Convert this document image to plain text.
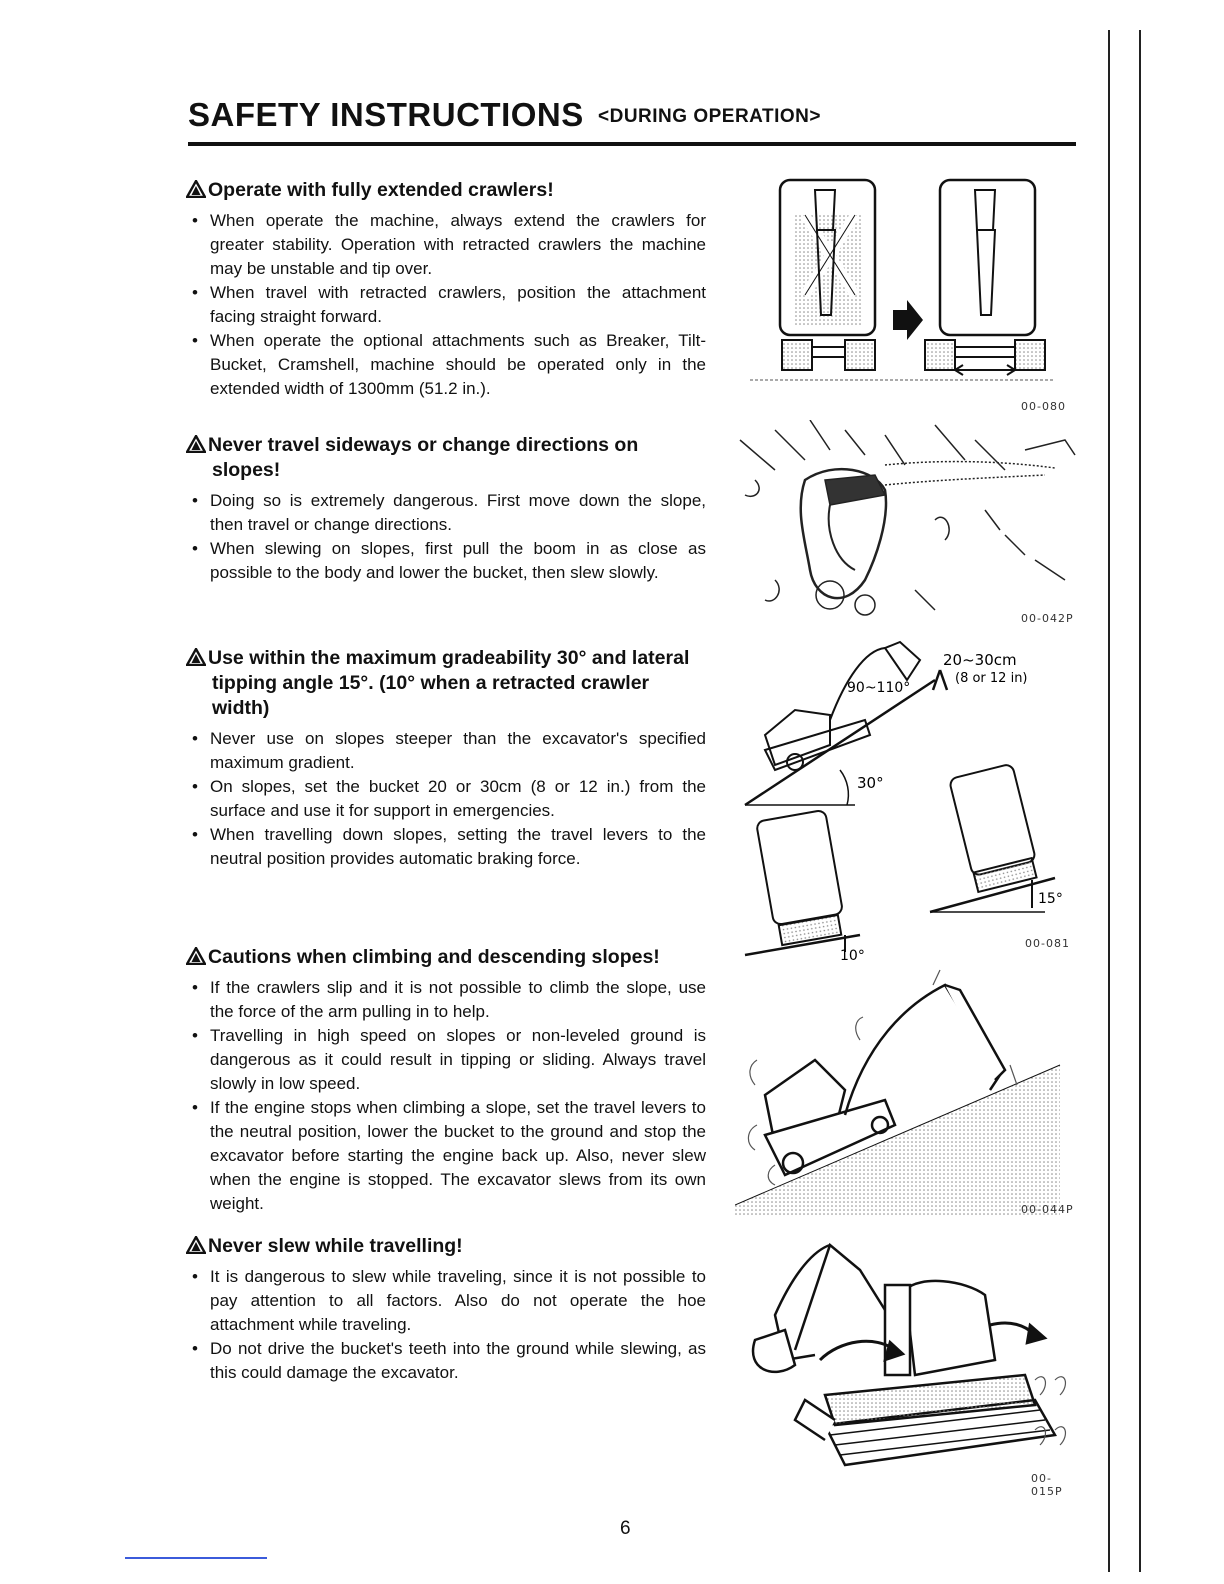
SAFETY INSTRUCTIONS <DURING OPERATION>
Operate with fully extended crawlers!
• When operate the machine, always extend the crawlers for greater stability. Operation with retracted crawlers the machine may be unstable and tip over.
• When travel with retracted crawlers, position the attachment facing straight forward.
• When operate the optional attachments such as Breaker, Tilt-Bucket, Cramshell, machine should be operated only in the extended width of 1300mm (51.2 in.).
Never travel sideways or change directions on slopes!
• Doing so is extremely dangerous. First move down the slope, then travel or change directions.
• When slewing on slopes, first pull the boom in as close as possible to the body and lower the bucket, then slew slowly.
Use within the maximum gradeability 30° and lateral tipping angle 15°. (10° when a retracted crawler width)
• Never use on slopes steeper than the excavator's specified maximum gradient.
• On slopes, set the bucket 20 or 30cm (8 or 12 in.) from the surface and use it for support in emergencies.
• When travelling down slopes, setting the travel levers to the neutral position provides automatic braking force.
Cautions when climbing and descending slopes!
• If the crawlers slip and it is not possible to climb the slope, use the force of the arm pulling in to help.
• Travelling in high speed on slopes or non-leveled ground is dangerous as it could result in tipping or sliding. Always travel slowly in low speed.
• If the engine stops when climbing a slope, set the travel levers to the neutral position, lower the bucket to the ground and stop the excavator before starting the engine back up. Also, never slew when the engine is stopped. The excavator slews from its own weight.
Never slew while travelling!
• It is dangerous to slew while traveling, since it is not possible to pay attention to all factors. Also do not operate the hoe attachment while traveling.
• Do not drive the bucket's teeth into the ground while slewing, as this could damage the excavator.
00-080
00-042P
20~30cm
(8 or 12 in)
90~110°
30°
15°
10°
00-081
00-044P
00-015P
6
